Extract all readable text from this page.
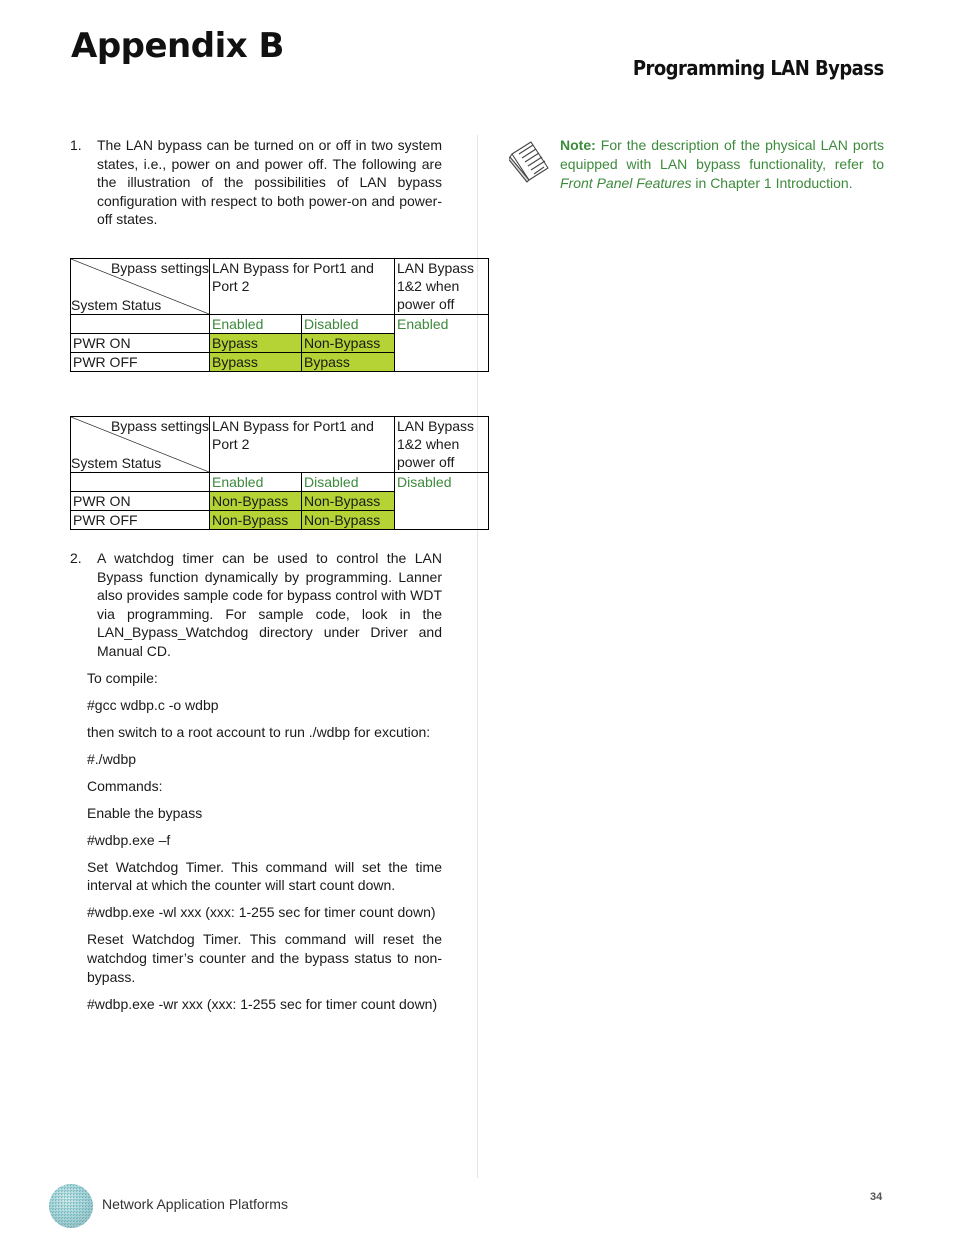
Appendix B
Programming LAN Bypass
1.	The LAN bypass can be turned on or off in two system states, i.e., power on and power off. The following are the illustration of the possibilities of LAN bypass configuration with respect to both power-on and power-off states.
Bypass settings
System Status	LAN Bypass for Port1 and Port 2		LAN Bypass 1&2 when power off
	Enabled	Disabled	Enabled
PWR ON	Bypass	Non-Bypass	
PWR OFF	Bypass	Bypass	
Bypass settings
System Status	LAN Bypass for Port1 and Port 2		LAN Bypass 1&2 when power off
	Enabled	Disabled	Disabled
PWR ON	Non-Bypass	Non-Bypass	
PWR OFF	Non-Bypass	Non-Bypass	
2.	A watchdog timer can be used to control the LAN Bypass function dynamically by programming. Lanner also provides sample code for bypass control with WDT via programming. For sample code, look in the LAN_Bypass_Watchdog directory under Driver and Manual CD.

To compile:

#gcc wdbp.c -o wdbp

then switch to a root account to run ./wdbp for excution:

#./wdbp

Commands:

Enable the bypass

#wdbp.exe –f

Set Watchdog Timer. This command will set the time interval at which the counter will start count down.

#wdbp.exe -wl xxx (xxx: 1-255 sec for timer count down)

Reset Watchdog Timer. This command will reset the watchdog timer’s counter and the bypass status to non-bypass.

#wdbp.exe -wr xxx (xxx: 1-255 sec for timer count down)

Note: For the description of the physical LAN ports equipped with LAN bypass functionality, refer to Front Panel Features in Chapter 1 Introduction.
Network Application Platforms	34
